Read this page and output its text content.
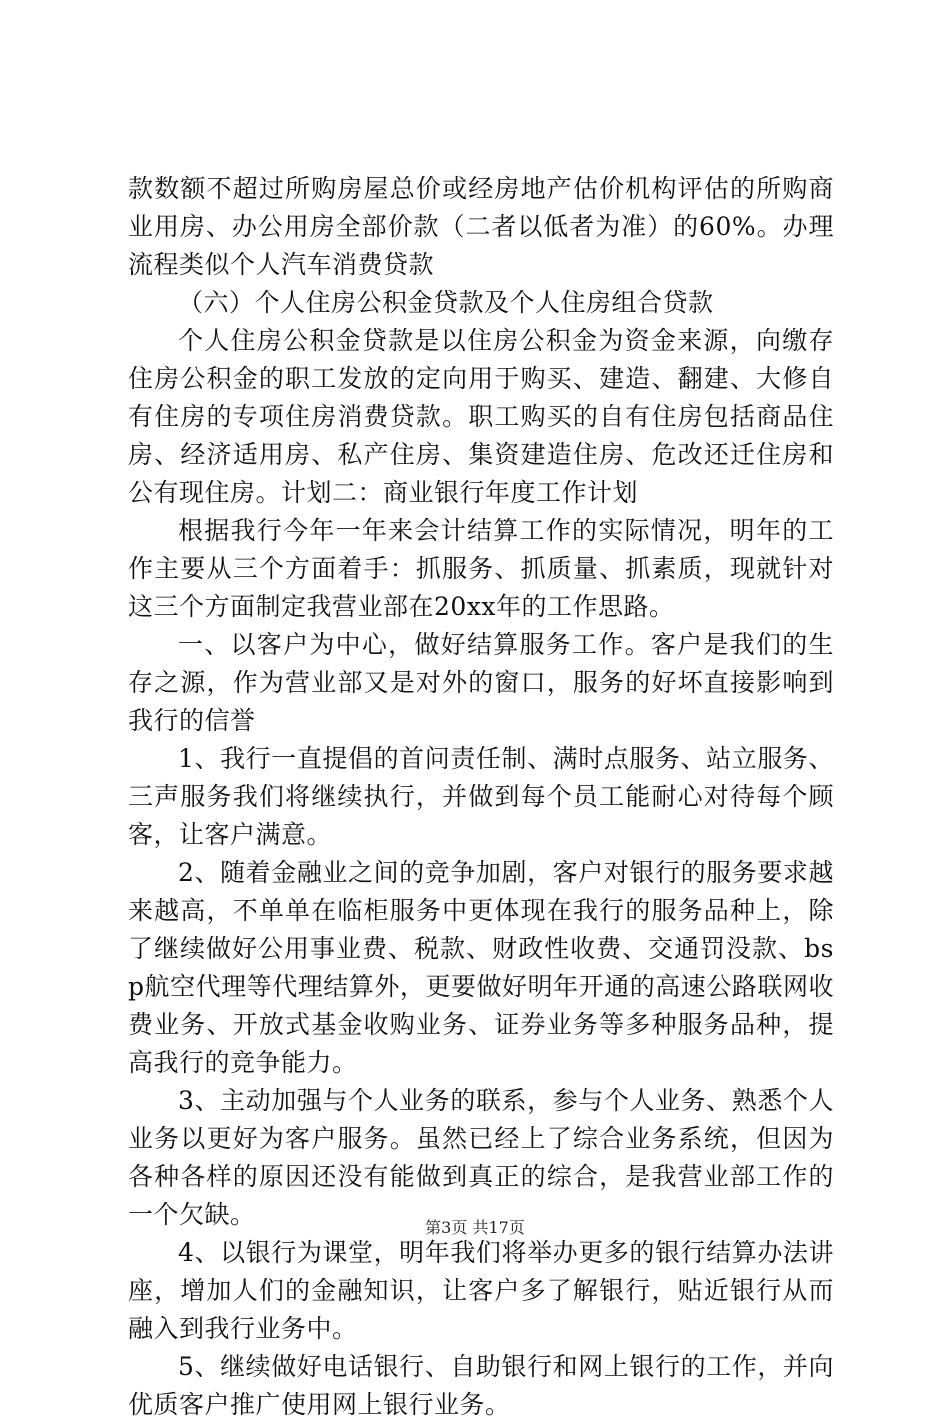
款数额不超过所购房屋总价或经房地产估价机构评估的所购商业用房、办公用房全部价款（二者以低者为准）的60%。办理流程类似个人汽车消费贷款

（六）个人住房公积金贷款及个人住房组合贷款

个人住房公积金贷款是以住房公积金为资金来源，向缴存住房公积金的职工发放的定向用于购买、建造、翻建、大修自有住房的专项住房消费贷款。职工购买的自有住房包括商品住房、经济适用房、私产住房、集资建造住房、危改还迁住房和公有现住房。计划二：商业银行年度工作计划

根据我行今年一年来会计结算工作的实际情况，明年的工作主要从三个方面着手：抓服务、抓质量、抓素质，现就针对这三个方面制定我营业部在20xx年的工作思路。

一、以客户为中心，做好结算服务工作。客户是我们的生存之源，作为营业部又是对外的窗口，服务的好坏直接影响到我行的信誉

1、我行一直提倡的首问责任制、满时点服务、站立服务、三声服务我们将继续执行，并做到每个员工能耐心对待每个顾客，让客户满意。

2、随着金融业之间的竞争加剧，客户对银行的服务要求越来越高，不单单在临柜服务中更体现在我行的服务品种上，除了继续做好公用事业费、税款、财政性收费、交通罚没款、bsp航空代理等代理结算外，更要做好明年开通的高速公路联网收费业务、开放式基金收购业务、证券业务等多种服务品种，提高我行的竞争能力。

3、主动加强与个人业务的联系，参与个人业务、熟悉个人业务以更好为客户服务。虽然已经上了综合业务系统，但因为各种各样的原因还没有能做到真正的综合，是我营业部工作的一个欠缺。

4、以银行为课堂，明年我们将举办更多的银行结算办法讲座，增加人们的金融知识，让客户多了解银行，贴近银行从而融入到我行业务中。

5、继续做好电话银行、自助银行和网上银行的工作，并向优质客户推广使用网上银行业务。

第3页 共17页
